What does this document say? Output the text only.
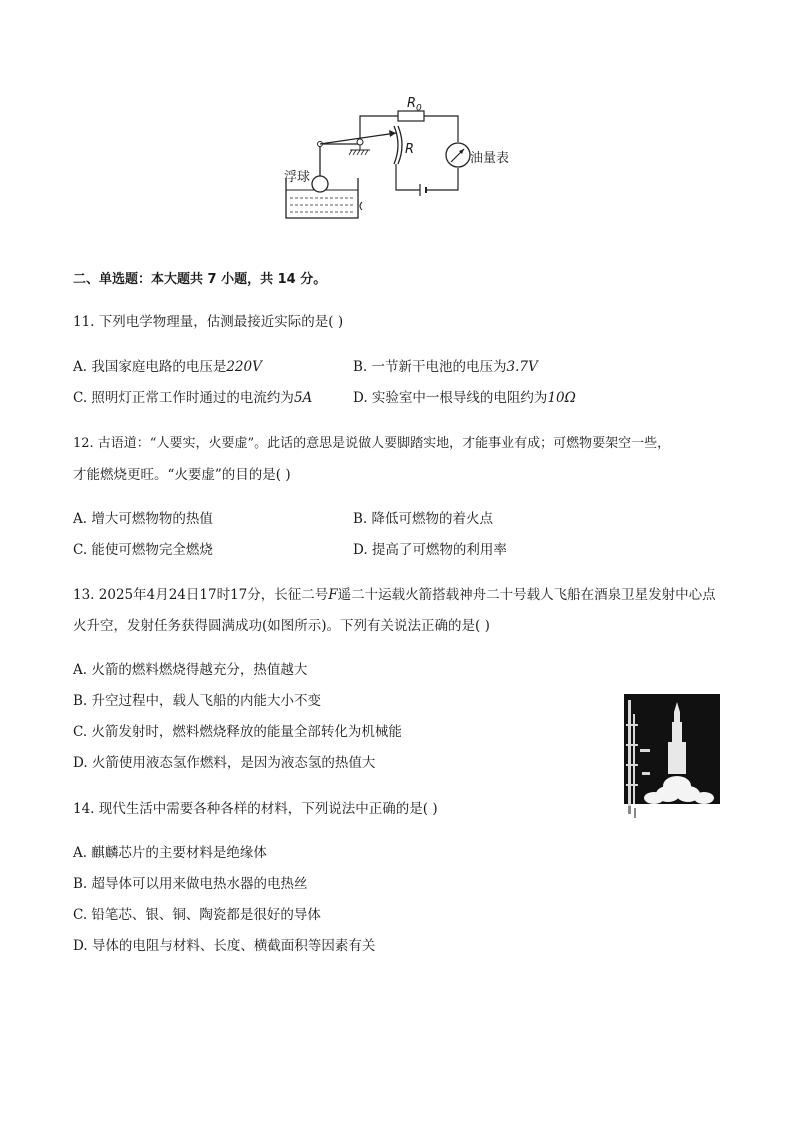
$R_0$
R
油量表
浮球
二、单选题：本大题共 7 小题，共 14 分。
11. 下列电学物理量，估测最接近实际的是( )
A. 我国家庭电路的电压是220V	B. 一节新干电池的电压为3.7V
C. 照明灯正常工作时通过的电流约为5A	D. 实验室中一根导线的电阻约为10Ω
12. 古语道：“人要实，火要虚”。此话的意思是说做人要脚踏实地，才能事业有成；可燃物要架空一些，
才能燃烧更旺。“火要虚”的目的是( )
A. 增大可燃物物的热值	B. 降低可燃物的着火点
C. 能使可燃物完全燃烧	D. 提高了可燃物的利用率
13. 2025年4月24日17时17分，长征二号F遥二十运载火箭搭载神舟二十号载人飞船在酒泉卫星发射中心点
火升空，发射任务获得圆满成功(如图所示)。下列有关说法正确的是( )
A. 火箭的燃料燃烧得越充分，热值越大
B. 升空过程中，载人飞船的内能大小不变
C. 火箭发射时，燃料燃烧释放的能量全部转化为机械能
D. 火箭使用液态氢作燃料，是因为液态氢的热值大
14. 现代生活中需要各种各样的材料，下列说法中正确的是( )
A. 麒麟芯片的主要材料是绝缘体
B. 超导体可以用来做电热水器的电热丝
C. 铅笔芯、银、铜、陶瓷都是很好的导体
D. 导体的电阻与材料、长度、横截面积等因素有关
